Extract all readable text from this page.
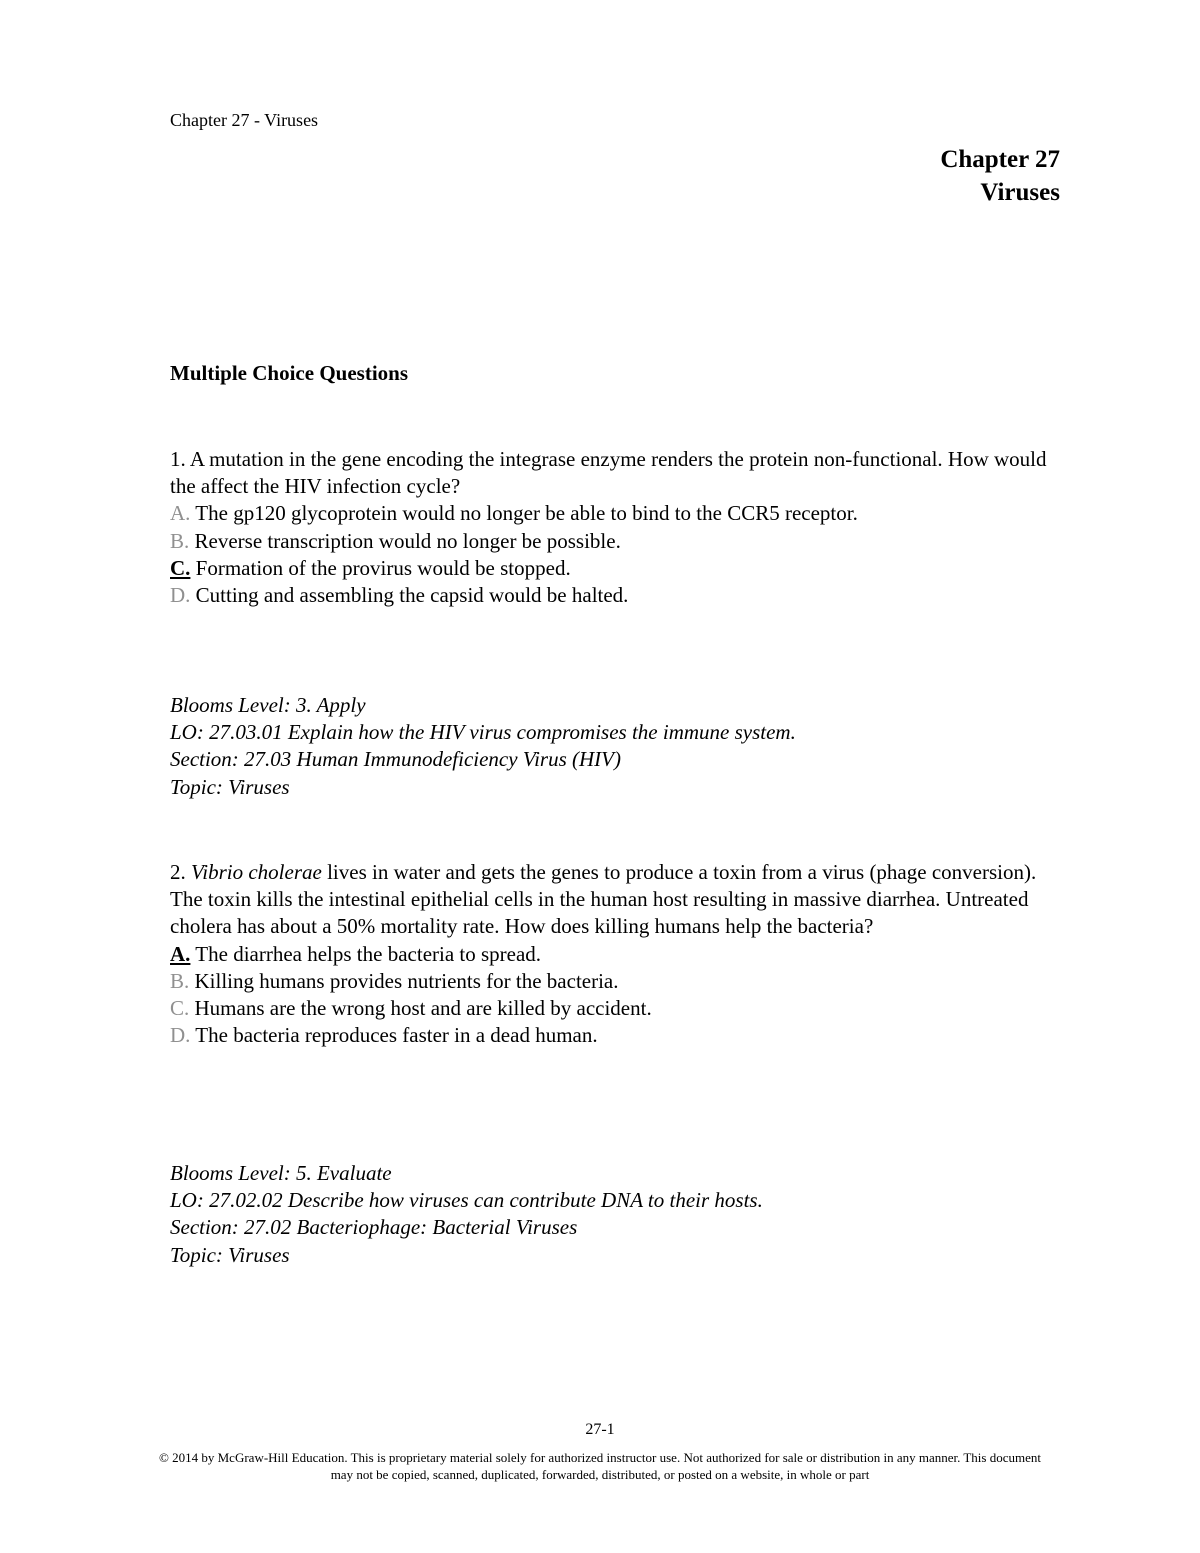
Chapter 27 - Viruses
Chapter 27
Viruses
Multiple Choice Questions

1. A mutation in the gene encoding the integrase enzyme renders the protein non-functional. How would the affect the HIV infection cycle?

A. The gp120 glycoprotein would no longer be able to bind to the CCR5 receptor.

B. Reverse transcription would no longer be possible.

C. Formation of the provirus would be stopped.

D. Cutting and assembling the capsid would be halted.

Blooms Level: 3. Apply
LO: 27.03.01 Explain how the HIV virus compromises the immune system.
Section: 27.03 Human Immunodeficiency Virus (HIV)
Topic: Viruses

2. Vibrio cholerae lives in water and gets the genes to produce a toxin from a virus (phage conversion). The toxin kills the intestinal epithelial cells in the human host resulting in massive diarrhea. Untreated cholera has about a 50% mortality rate. How does killing humans help the bacteria?

A. The diarrhea helps the bacteria to spread.

B. Killing humans provides nutrients for the bacteria.

C. Humans are the wrong host and are killed by accident.

D. The bacteria reproduces faster in a dead human.

Blooms Level: 5. Evaluate
LO: 27.02.02 Describe how viruses can contribute DNA to their hosts.
Section: 27.02 Bacteriophage: Bacterial Viruses
Topic: Viruses
27-1
© 2014 by McGraw-Hill Education. This is proprietary material solely for authorized instructor use. Not authorized for sale or distribution in any manner. This document may not be copied, scanned, duplicated, forwarded, distributed, or posted on a website, in whole or part
